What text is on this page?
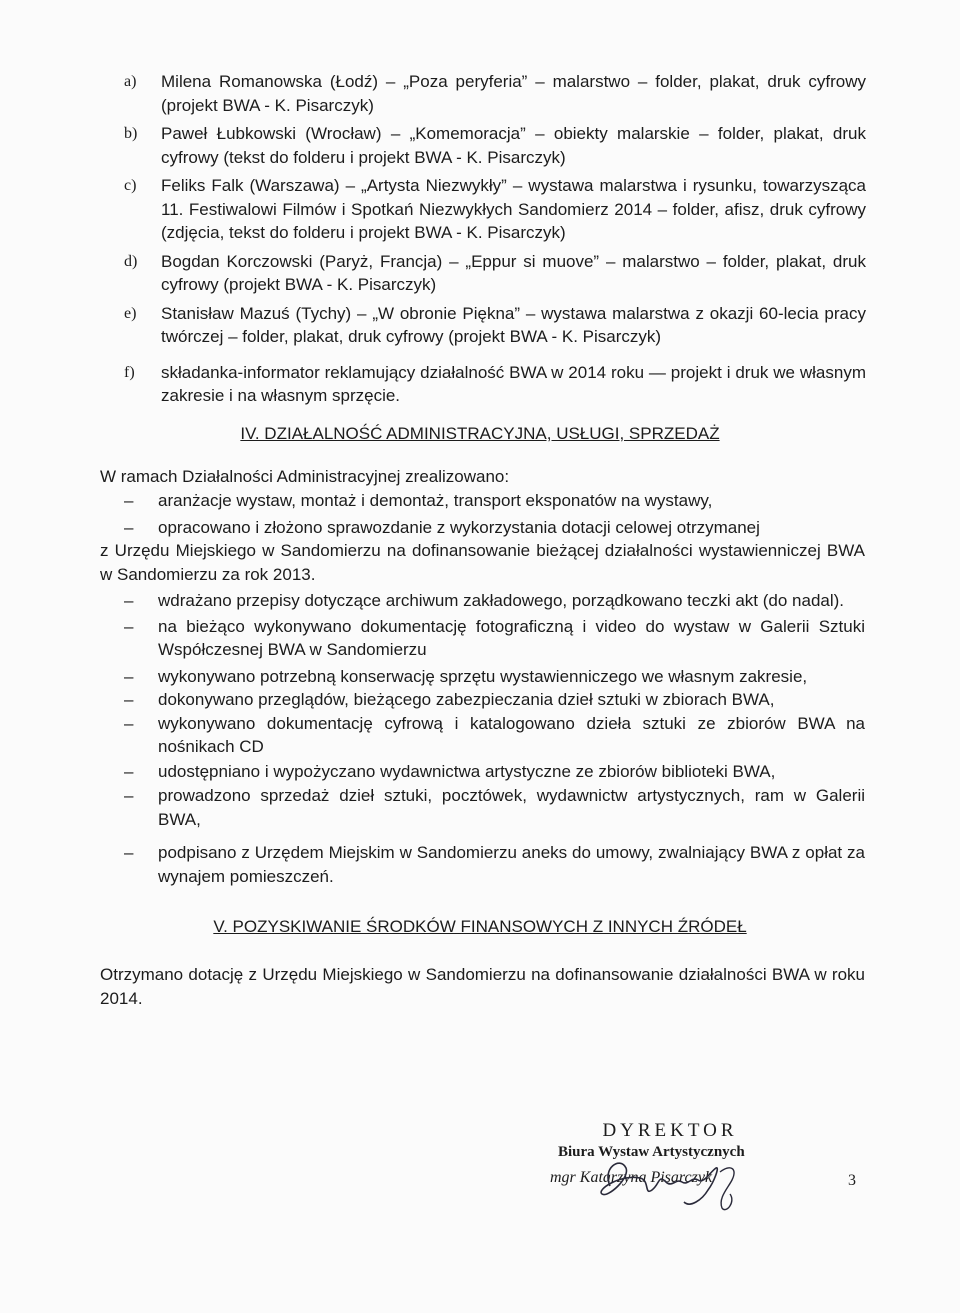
a) Milena Romanowska (Łodź) – „Poza peryferia” – malarstwo – folder, plakat, druk cyfrowy (projekt BWA - K. Pisarczyk)
b) Paweł Łubkowski (Wrocław) – „Komemoracja” – obiekty malarskie – folder, plakat, druk cyfrowy (tekst do folderu i projekt BWA - K. Pisarczyk)
c) Feliks Falk (Warszawa) – „Artysta Niezwykły” – wystawa malarstwa i rysunku, towarzysząca 11. Festiwalowi Filmów i Spotkań Niezwykłych Sandomierz 2014 – folder, afisz, druk cyfrowy (zdjęcia, tekst do folderu i projekt BWA - K. Pisarczyk)
d) Bogdan Korczowski (Paryż, Francja) – „Eppur si muove” – malarstwo – folder, plakat, druk cyfrowy (projekt BWA - K. Pisarczyk)
e) Stanisław Mazuś (Tychy) – „W obronie Piękna” – wystawa malarstwa z okazji 60-lecia pracy twórczej – folder, plakat, druk cyfrowy (projekt BWA - K. Pisarczyk)
f) składanka-informator reklamujący działalność BWA w 2014 roku — projekt i druk we własnym zakresie i na własnym sprzęcie.
IV. DZIAŁALNOŚĆ ADMINISTRACYJNA, USŁUGI, SPRZEDAŻ
W ramach Działalności Administracyjnej zrealizowano:
– aranżacje wystaw, montaż i demontaż, transport eksponatów na wystawy,
– opracowano i złożono sprawozdanie z wykorzystania dotacji celowej otrzymanej
z Urzędu Miejskiego w Sandomierzu na dofinansowanie bieżącej działalności wystawienniczej BWA w Sandomierzu za rok 2013.
– wdrażano przepisy dotyczące archiwum zakładowego, porządkowano teczki akt (do nadal).
– na bieżąco wykonywano dokumentację fotograficzną i video do wystaw w Galerii Sztuki Współczesnej BWA w Sandomierzu
– wykonywano potrzebną konserwację sprzętu wystawienniczego we własnym zakresie,
– dokonywano przeglądów, bieżącego zabezpieczania dzieł sztuki w zbiorach BWA,
– wykonywano dokumentację cyfrową i katalogowano dzieła sztuki ze zbiorów BWA na nośnikach CD
– udostępniano i wypożyczano wydawnictwa artystyczne ze zbiorów biblioteki BWA,
– prowadzono sprzedaż dzieł sztuki, pocztówek, wydawnictw artystycznych, ram w Galerii BWA,
– podpisano z Urzędem Miejskim w Sandomierzu aneks do umowy, zwalniający BWA z opłat za wynajem pomieszczeń.
V. POZYSKIWANIE ŚRODKÓW FINANSOWYCH Z INNYCH ŹRÓDEŁ
Otrzymano dotację z Urzędu Miejskiego w Sandomierzu na dofinansowanie działalności BWA w roku 2014.
DYREKTOR
Biura Wystaw Artystycznych
mgr Katarzyna Pisarczyk	3
